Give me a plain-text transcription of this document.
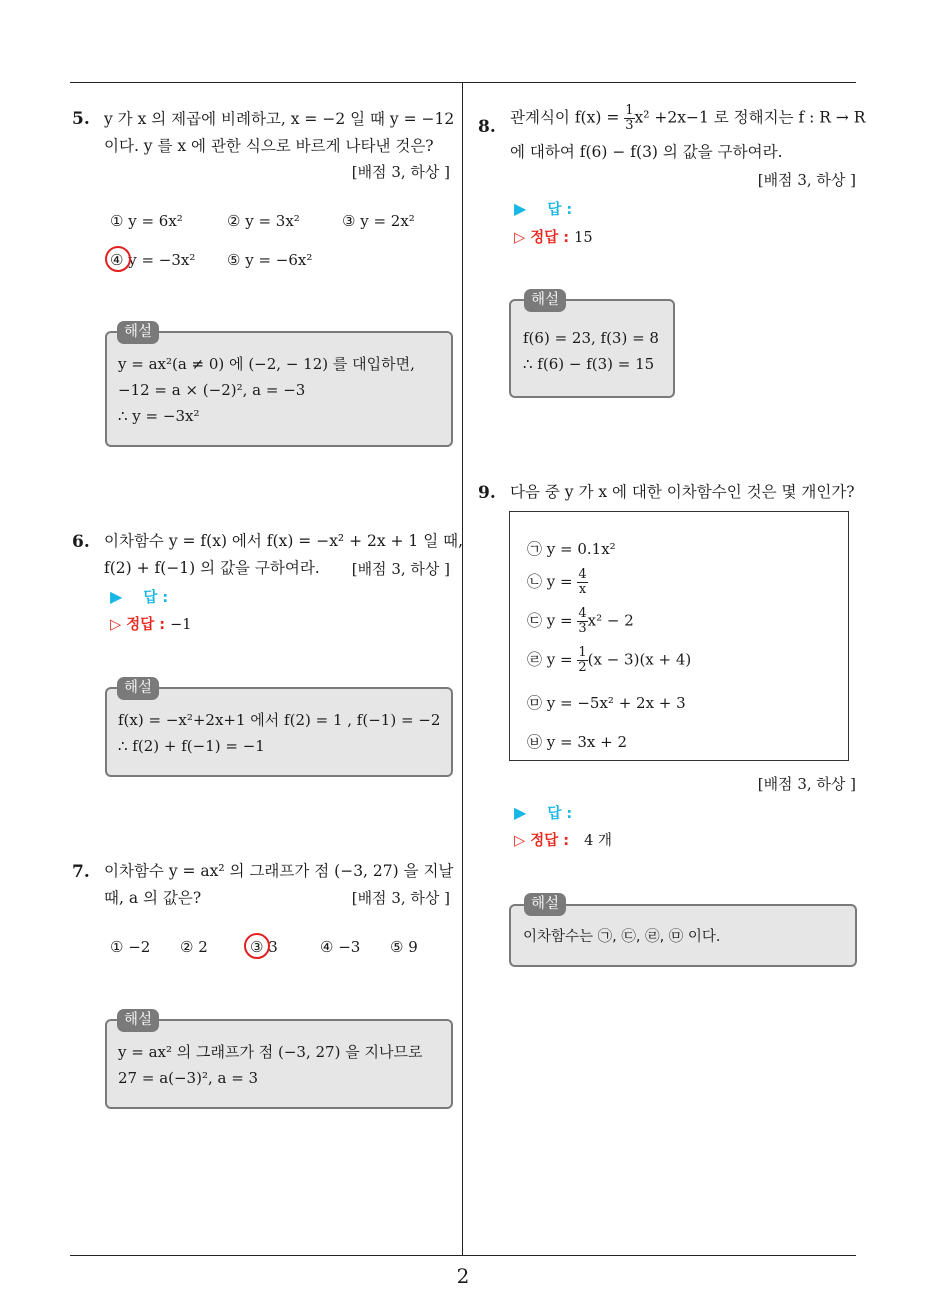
2
5. y 가 x 의 제곱에 비례하고, x = −2 일 때 y = −12
이다. y 를 x 에 관한 식으로 바르게 나타낸 것은?
[배점 3, 하상 ]
① y = 6x²	② y = 3x²	③ y = 2x²
④ y = −3x² ⑤ y = −6x²
y = ax²(a ≠ 0) 에 (−2, − 12) 를 대입하면,
−12 = a × (−2)², a = −3
∴ y = −3x²
해설
6. 이차함수 y = f(x) 에서 f(x) = −x² + 2x + 1 일 때,
f(2) + f(−1) 의 값을 구하여라. [배점 3, 하상 ]
▶ 답 :
▷ 정답 : −1
f(x) = −x²+2x+1 에서 f(2) = 1 , f(−1) = −2
∴ f(2) + f(−1) = −1
해설
7. 이차함수 y = ax² 의 그래프가 점 (−3, 27) 을 지날
때, a 의 값은?	[배점 3, 하상 ]
① −2 ② 2	③ 3	④ −3 ⑤ 9
y = ax² 의 그래프가 점 (−3, 27) 을 지나므로
27 = a(−3)², a = 3
해설
8. 관계식이 $f(x) = \frac{1}{3} x^2 +2x-1$ 로 정해지는 f : R → R
에 대하여 f(6) − f(3) 의 값을 구하여라.
[배점 3, 하상 ]
▶ 답 :
▷ 정답 : 15
f(6) = 23, f(3) = 8
∴ f(6) − f(3) = 15
해설
9. 다음 중 y 가 x 에 대한 이차함수인 것은 몇 개인가?
㉠ y = 0.1x²
㉡ $y = \frac{4}{x}$
㉢ $y = \frac{4}{3} x^2 - 2$
㉣ $y = \frac{1}{2} (x - 3)(x + 4)$
㉤ y = −5x² + 2x + 3
㉥ y = 3x + 2
[배점 3, 하상 ]
▶ 답 :
▷ 정답 : 4 개
이차함수는 ㉠, ㉢, ㉣, ㉤ 이다.
해설
